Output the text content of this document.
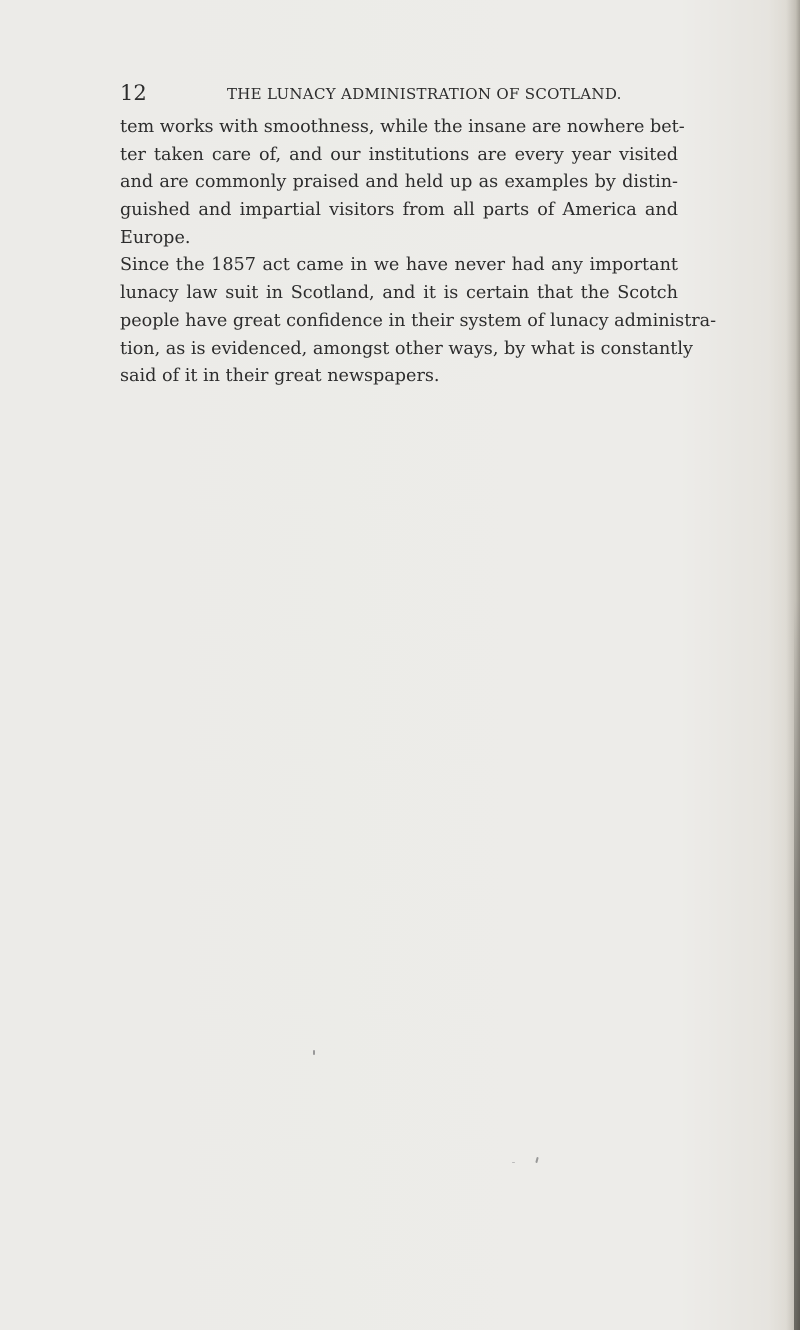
12	THE LUNACY ADMINISTRATION OF SCOTLAND.
tem works with smoothness, while the insane are nowhere bet-
ter taken care of, and our institutions are every year visited
and are commonly praised and held up as examples by distin-
guished and impartial visitors from all parts of America and
Europe.
Since the 1857 act came in we have never had any important
lunacy law suit in Scotland, and it is certain that the Scotch
people have great confidence in their system of lunacy administra-
tion, as is evidenced, amongst other ways, by what is constantly
said of it in their great newspapers.
